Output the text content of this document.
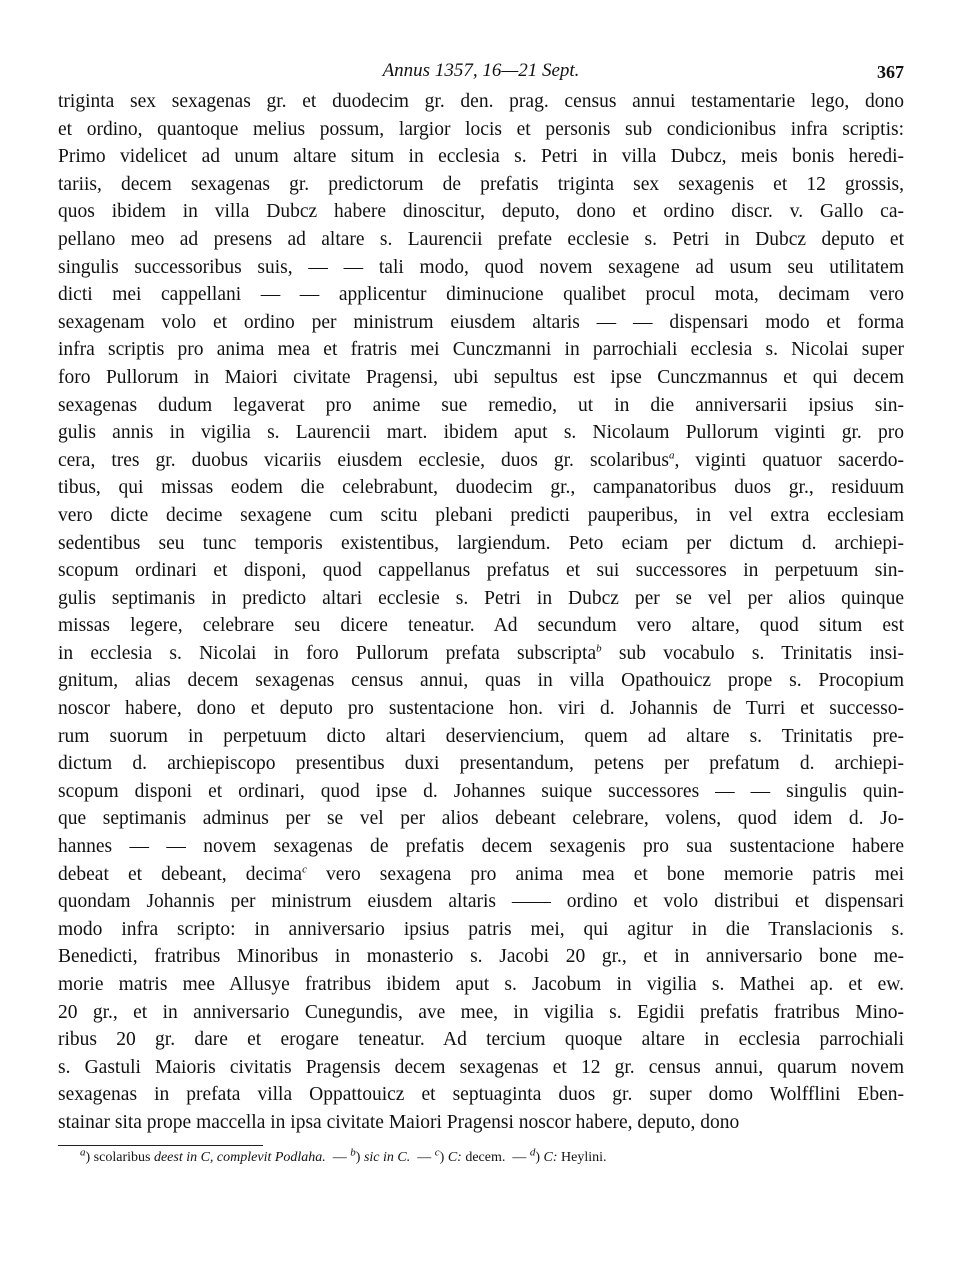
Annus 1357, 16—21 Sept.	367
triginta sex sexagenas gr. et duodecim gr. den. prag. census annui testamentarie lego, dono
et ordino, quantoque melius possum, largior locis et personis sub condicionibus infra scriptis:
Primo videlicet ad unum altare situm in ecclesia s. Petri in villa Dubcz, meis bonis heredi-
tariis, decem sexagenas gr. predictorum de prefatis triginta sex sexagenis et 12 grossis,
quos ibidem in villa Dubcz habere dinoscitur, deputo, dono et ordino discr. v. Gallo ca-
pellano meo ad presens ad altare s. Laurencii prefate ecclesie s. Petri in Dubcz deputo et
singulis successoribus suis, — — tali modo, quod novem sexagene ad usum seu utilitatem
dicti mei cappellani — — applicentur diminucione qualibet procul mota, decimam vero
sexagenam volo et ordino per ministrum eiusdem altaris — — dispensari modo et forma
infra scriptis pro anima mea et fratris mei Cunczmanni in parrochiali ecclesia s. Nicolai super
foro Pullorum in Maiori civitate Pragensi, ubi sepultus est ipse Cunczmannus et qui decem
sexagenas dudum legaverat pro anime sue remedio, ut in die anniversarii ipsius sin-
gulis annis in vigilia s. Laurencii mart. ibidem aput s. Nicolaum Pullorum viginti gr. pro
cera, tres gr. duobus vicariis eiusdem ecclesie, duos gr. scolaribus$^a$, viginti quatuor sacerdo-
tibus, qui missas eodem die celebrabunt, duodecim gr., campanatoribus duos gr., residuum
vero dicte decime sexagene cum scitu plebani predicti pauperibus, in vel extra ecclesiam
sedentibus seu tunc temporis existentibus, largiendum. Peto eciam per dictum d. archiepi-
scopum ordinari et disponi, quod cappellanus prefatus et sui successores in perpetuum sin-
gulis septimanis in predicto altari ecclesie s. Petri in Dubcz per se vel per alios quinque
missas legere, celebrare seu dicere teneatur. Ad secundum vero altare, quod situm est
in ecclesia s. Nicolai in foro Pullorum prefata subscripta$^b$ sub vocabulo s. Trinitatis insi-
gnitum, alias decem sexagenas census annui, quas in villa Opathouicz prope s. Procopium
noscor habere, dono et deputo pro sustentacione hon. viri d. Johannis de Turri et successo-
rum suorum in perpetuum dicto altari deserviencium, quem ad altare s. Trinitatis pre-
dictum d. archiepiscopo presentibus duxi presentandum, petens per prefatum d. archiepi-
scopum disponi et ordinari, quod ipse d. Johannes suique successores — — singulis quin-
que septimanis adminus per se vel per alios debeant celebrare, volens, quod idem d. Jo-
hannes — — novem sexagenas de prefatis decem sexagenis pro sua sustentacione habere
debeat et debeant, decima$^c$ vero sexagena pro anima mea et bone memorie patris mei
quondam Johannis per ministrum eiusdem altaris —— ordino et volo distribui et dispensari
modo infra scripto: in anniversario ipsius patris mei, qui agitur in die Translacionis s.
Benedicti, fratribus Minoribus in monasterio s. Jacobi 20 gr., et in anniversario bone me-
morie matris mee Allusye fratribus ibidem aput s. Jacobum in vigilia s. Mathei ap. et ew.
20 gr., et in anniversario Cunegundis, ave mee, in vigilia s. Egidii prefatis fratribus Mino-
ribus 20 gr. dare et erogare teneatur. Ad tercium quoque altare in ecclesia parrochiali
s. Gastuli Maioris civitatis Pragensis decem sexagenas et 12 gr. census annui, quarum novem
sexagenas in prefata villa Oppattouicz et septuaginta duos gr. super domo Wolfflini Eben-
stainar sita prope maccella in ipsa civitate Maiori Pragensi noscor habere, deputo, dono
$^a$) scolaribus deest in C, complevit Podlaha.  — $^b$) sic in C.  — $^c$) C: decem.  — $^d$) C: Heylini.
